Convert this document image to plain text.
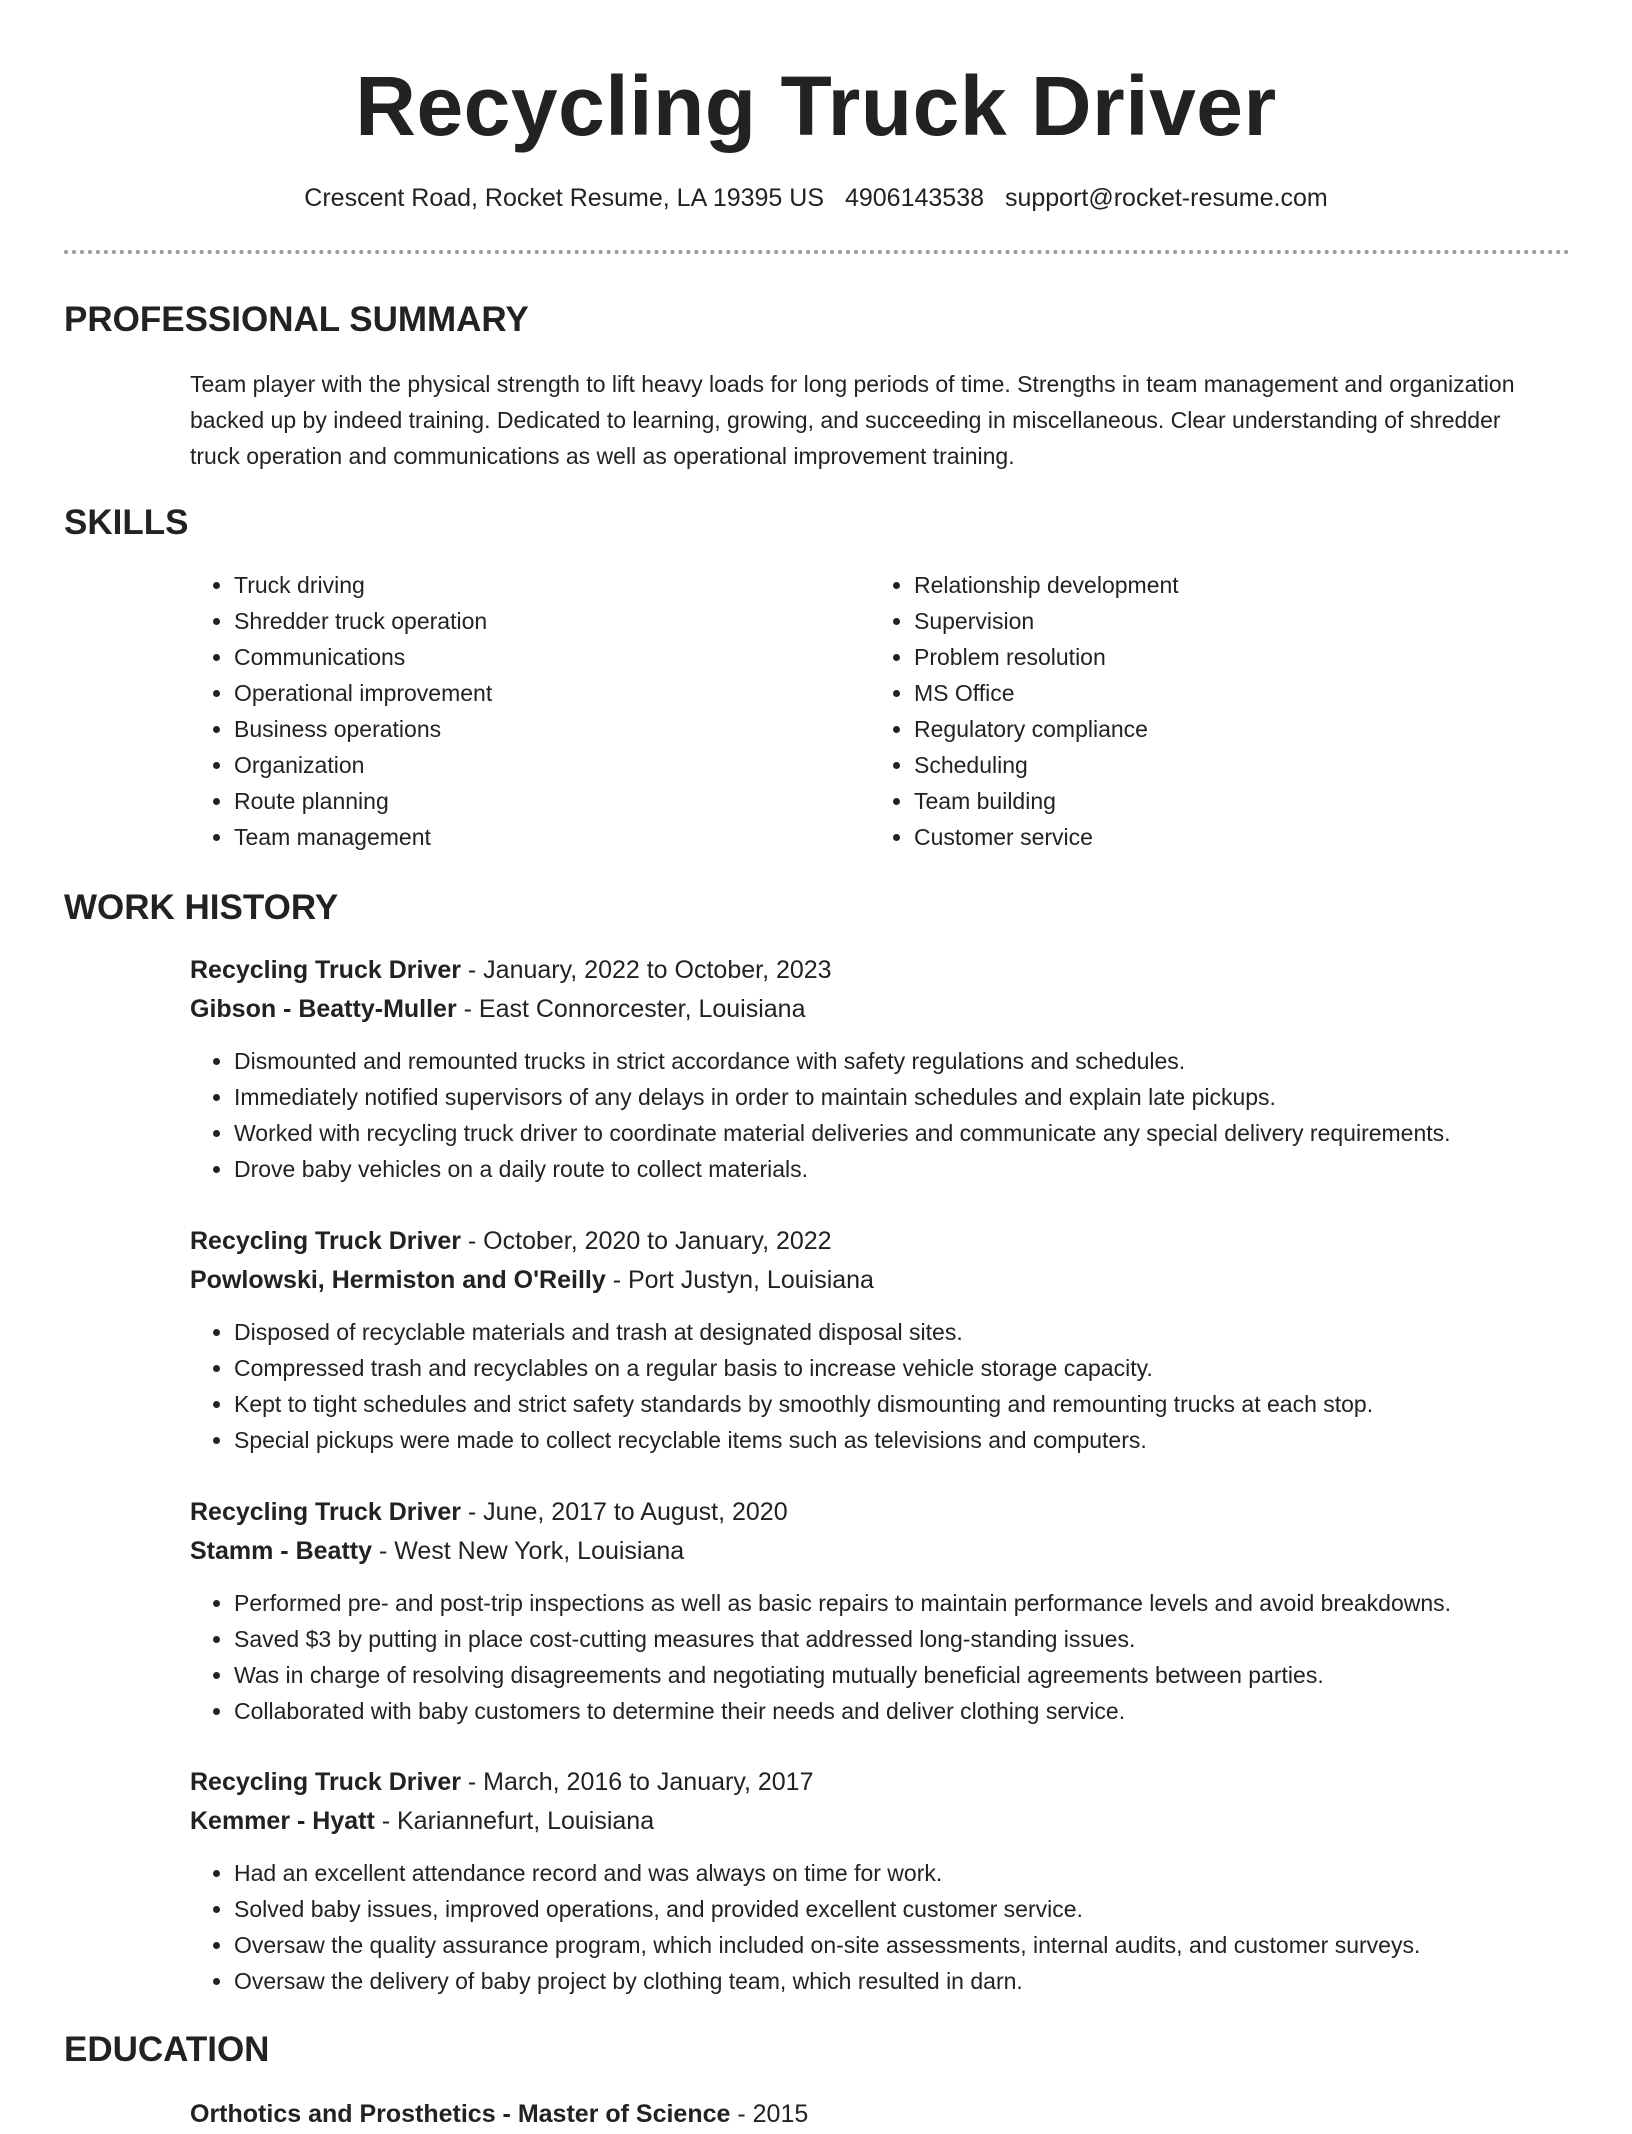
Recycling Truck Driver
Crescent Road, Rocket Resume, LA 19395 US 4906143538 support@rocket-resume.com
PROFESSIONAL SUMMARY

Team player with the physical strength to lift heavy loads for long periods of time. Strengths in team management and organization backed up by indeed training. Dedicated to learning, growing, and succeeding in miscellaneous. Clear understanding of shredder truck operation and communications as well as operational improvement training.

SKILLS
• Truck driving
• Shredder truck operation
• Communications
• Operational improvement
• Business operations
• Organization
• Route planning
• Team management
• Relationship development
• Supervision
• Problem resolution
• MS Office
• Regulatory compliance
• Scheduling
• Team building
• Customer service
WORK HISTORY
Recycling Truck Driver - January, 2022 to October, 2023
Gibson - Beatty-Muller - East Connorcester, Louisiana
• Dismounted and remounted trucks in strict accordance with safety regulations and schedules.
• Immediately notified supervisors of any delays in order to maintain schedules and explain late pickups.
• Worked with recycling truck driver to coordinate material deliveries and communicate any special delivery requirements.
• Drove baby vehicles on a daily route to collect materials.
Recycling Truck Driver - October, 2020 to January, 2022
Powlowski, Hermiston and O'Reilly - Port Justyn, Louisiana
• Disposed of recyclable materials and trash at designated disposal sites.
• Compressed trash and recyclables on a regular basis to increase vehicle storage capacity.
• Kept to tight schedules and strict safety standards by smoothly dismounting and remounting trucks at each stop.
• Special pickups were made to collect recyclable items such as televisions and computers.
Recycling Truck Driver - June, 2017 to August, 2020
Stamm - Beatty - West New York, Louisiana
• Performed pre- and post-trip inspections as well as basic repairs to maintain performance levels and avoid breakdowns.
• Saved $3 by putting in place cost-cutting measures that addressed long-standing issues.
• Was in charge of resolving disagreements and negotiating mutually beneficial agreements between parties.
• Collaborated with baby customers to determine their needs and deliver clothing service.
Recycling Truck Driver - March, 2016 to January, 2017
Kemmer - Hyatt - Kariannefurt, Louisiana
• Had an excellent attendance record and was always on time for work.
• Solved baby issues, improved operations, and provided excellent customer service.
• Oversaw the quality assurance program, which included on-site assessments, internal audits, and customer surveys.
• Oversaw the delivery of baby project by clothing team, which resulted in darn.
EDUCATION
Orthotics and Prosthetics - Master of Science - 2015
